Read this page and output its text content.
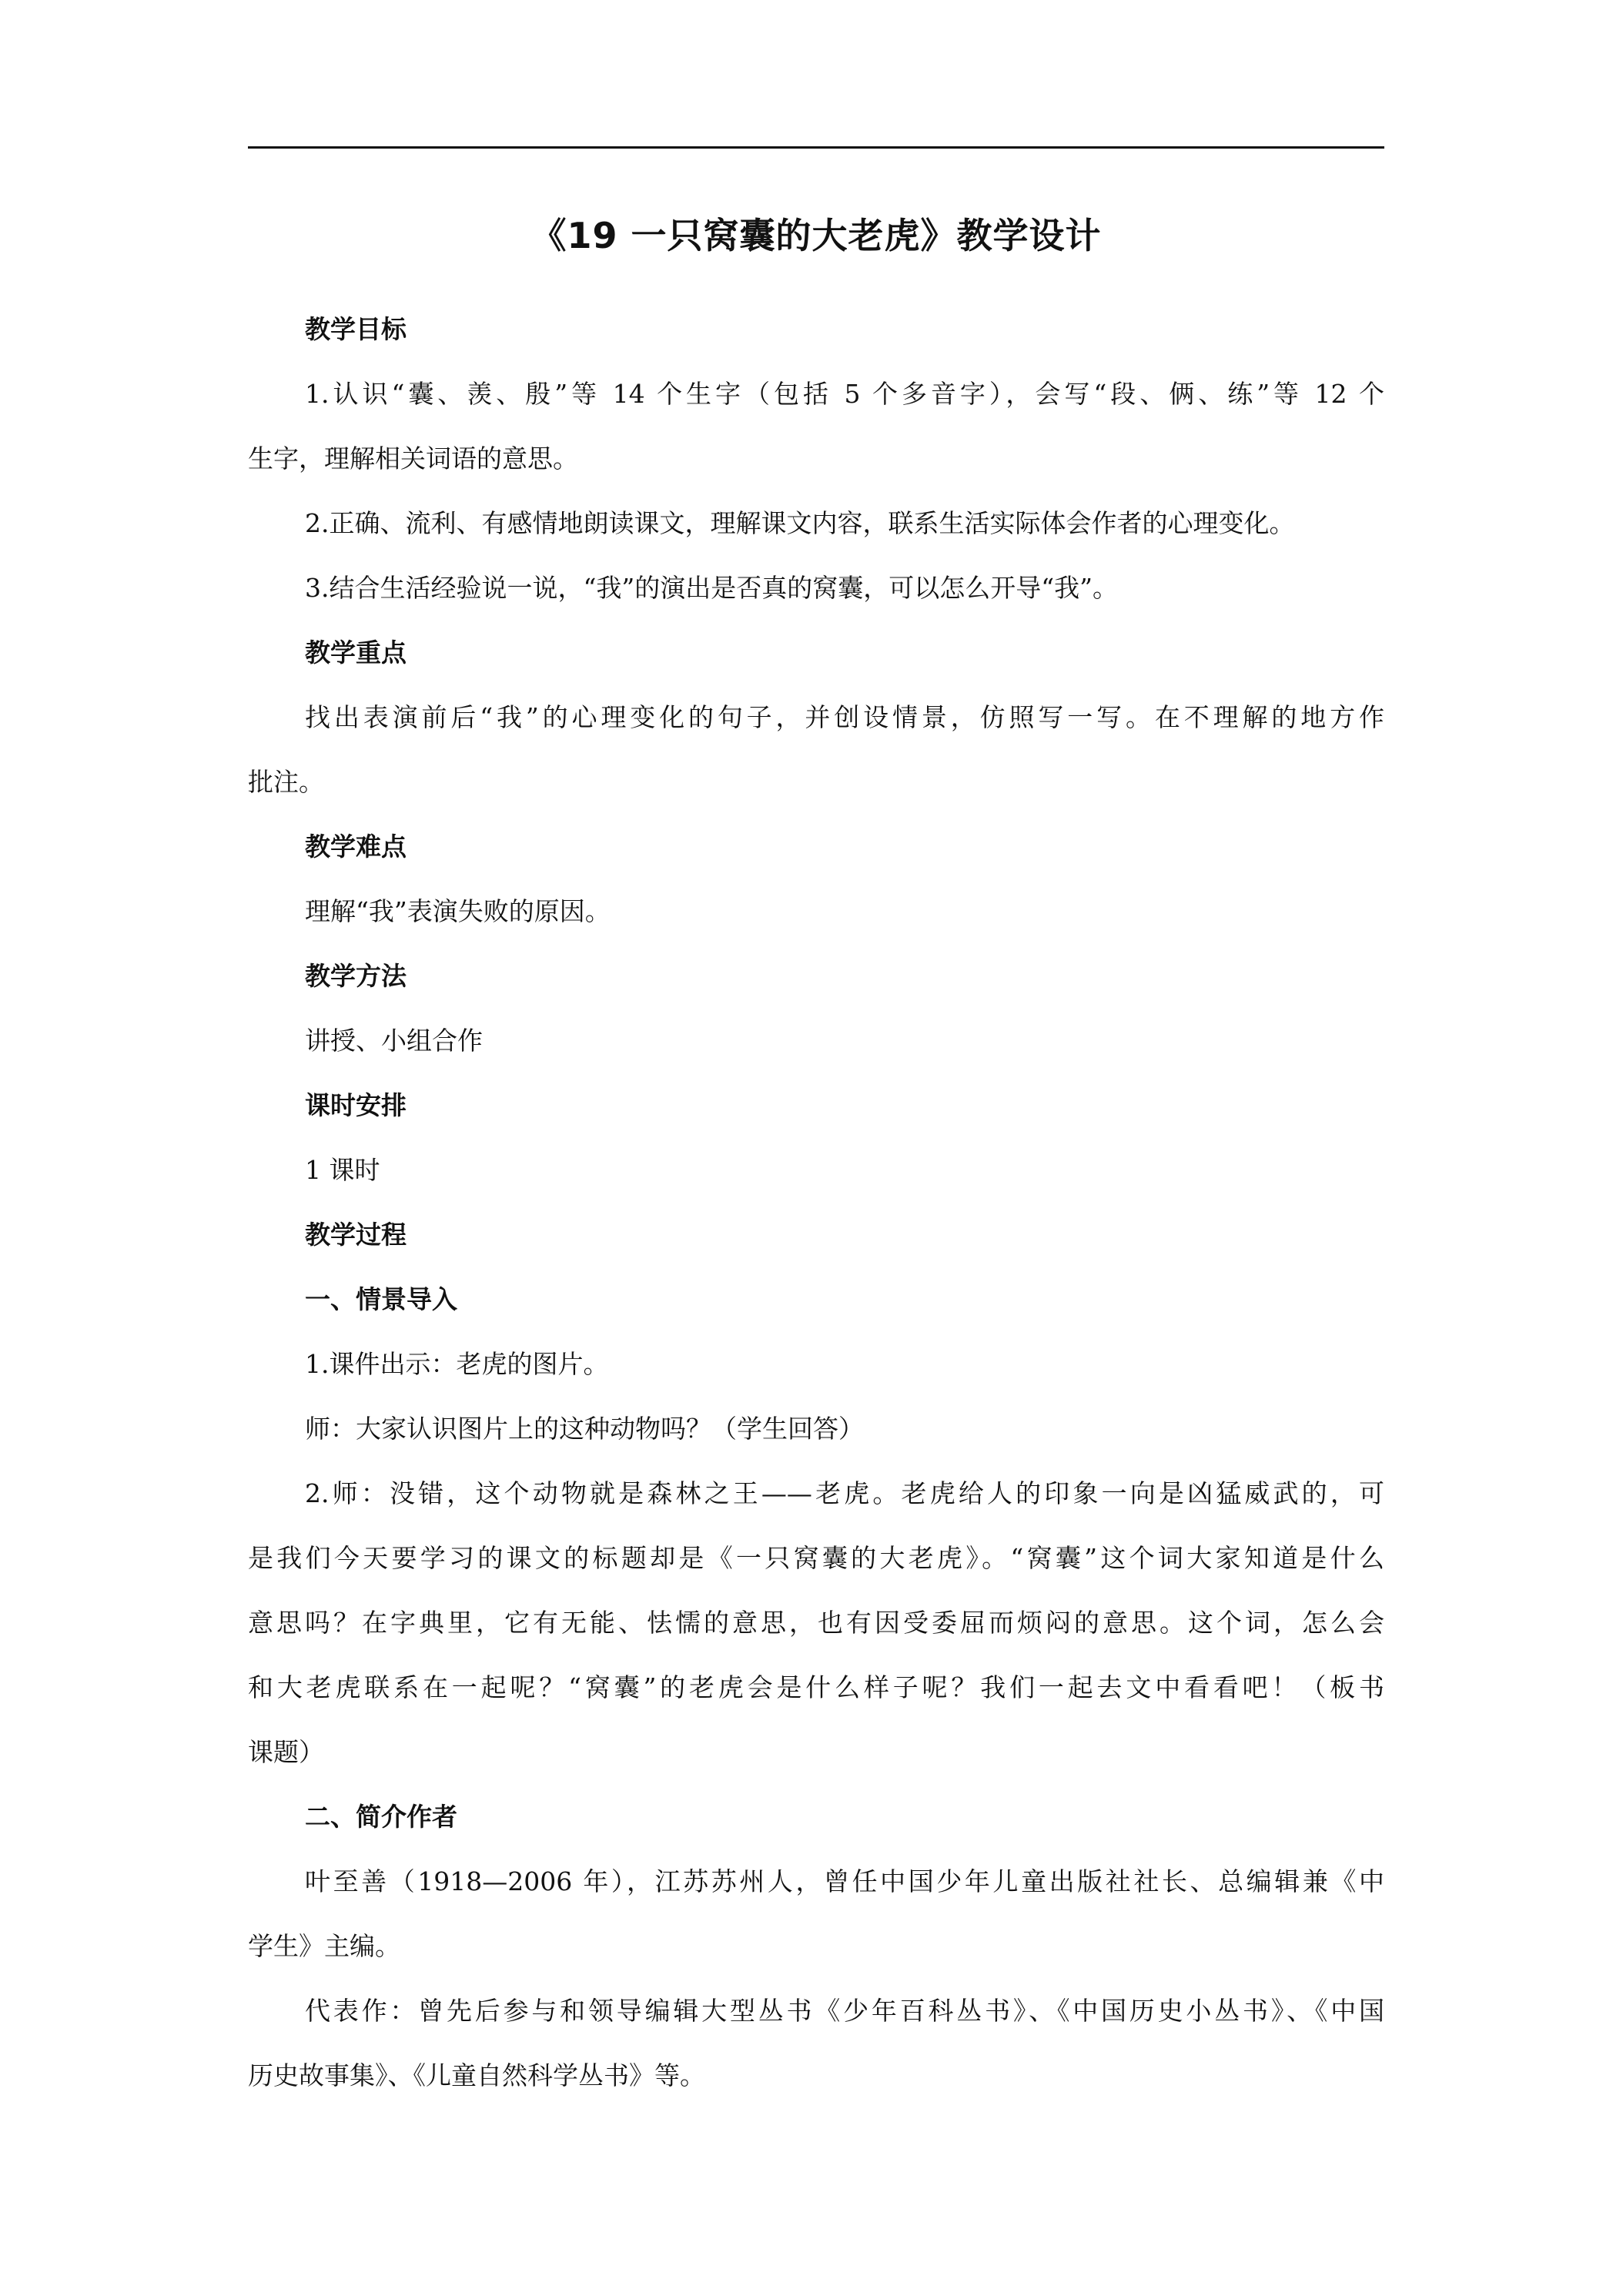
《19 一只窝囊的大老虎》教学设计
教学目标
1.认识“囊、羡、殷”等 14 个生字（包括 5 个多音字），会写“段、俩、练”等 12 个
生字，理解相关词语的意思。
2.正确、流利、有感情地朗读课文，理解课文内容，联系生活实际体会作者的心理变化。
3.结合生活经验说一说，“我”的演出是否真的窝囊，可以怎么开导“我”。
教学重点
找出表演前后“我”的心理变化的句子，并创设情景，仿照写一写。在不理解的地方作
批注。
教学难点
理解“我”表演失败的原因。
教学方法
讲授、小组合作
课时安排
1 课时
教学过程
一、情景导入
1.课件出示：老虎的图片。
师：大家认识图片上的这种动物吗？（学生回答）
2.师：没错，这个动物就是森林之王——老虎。老虎给人的印象一向是凶猛威武的，可
是我们今天要学习的课文的标题却是《一只窝囊的大老虎》。“窝囊”这个词大家知道是什么
意思吗？在字典里，它有无能、怯懦的意思，也有因受委屈而烦闷的意思。这个词，怎么会
和大老虎联系在一起呢？“窝囊”的老虎会是什么样子呢？我们一起去文中看看吧！（板书
课题）
二、简介作者
叶至善（1918—2006 年），江苏苏州人，曾任中国少年儿童出版社社长、总编辑兼《中
学生》主编。
代表作：曾先后参与和领导编辑大型丛书《少年百科丛书》、《中国历史小丛书》、《中国
历史故事集》、《儿童自然科学丛书》等。
